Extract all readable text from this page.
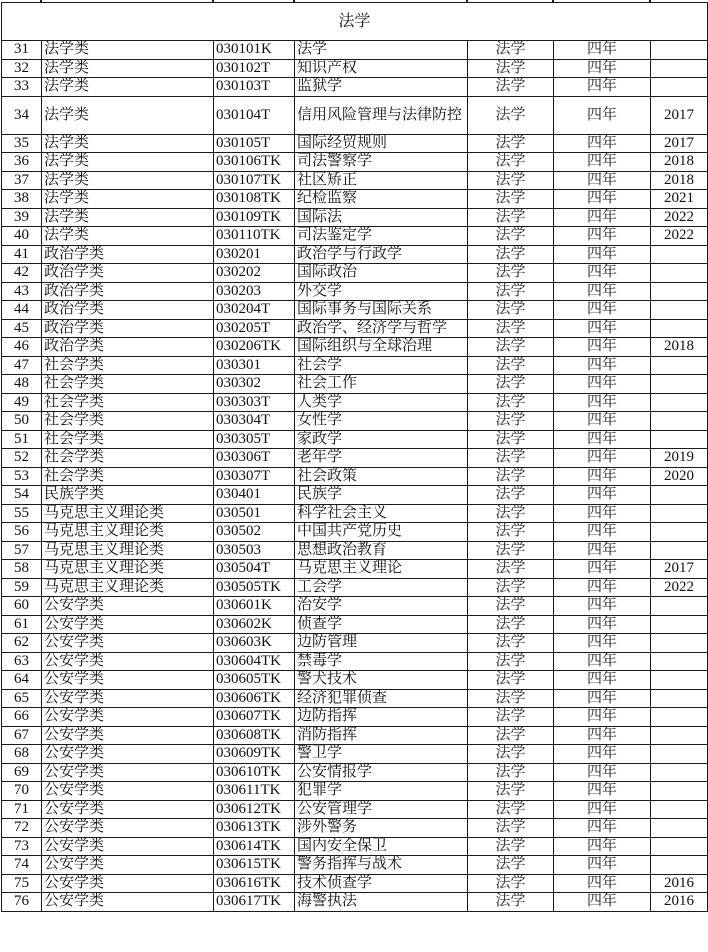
法学						
31	法学类	030101K	法学	法学	四年	
32	法学类	030102T	知识产权	法学	四年	
33	法学类	030103T	监狱学	法学	四年	
34	法学类	030104T	信用风险管理与法律防控	法学	四年	2017
35	法学类	030105T	国际经贸规则	法学	四年	2017
36	法学类	030106TK	司法警察学	法学	四年	2018
37	法学类	030107TK	社区矫正	法学	四年	2018
38	法学类	030108TK	纪检监察	法学	四年	2021
39	法学类	030109TK	国际法	法学	四年	2022
40	法学类	030110TK	司法鉴定学	法学	四年	2022
41	政治学类	030201	政治学与行政学	法学	四年	
42	政治学类	030202	国际政治	法学	四年	
43	政治学类	030203	外交学	法学	四年	
44	政治学类	030204T	国际事务与国际关系	法学	四年	
45	政治学类	030205T	政治学、经济学与哲学	法学	四年	
46	政治学类	030206TK	国际组织与全球治理	法学	四年	2018
47	社会学类	030301	社会学	法学	四年	
48	社会学类	030302	社会工作	法学	四年	
49	社会学类	030303T	人类学	法学	四年	
50	社会学类	030304T	女性学	法学	四年	
51	社会学类	030305T	家政学	法学	四年	
52	社会学类	030306T	老年学	法学	四年	2019
53	社会学类	030307T	社会政策	法学	四年	2020
54	民族学类	030401	民族学	法学	四年	
55	马克思主义理论类	030501	科学社会主义	法学	四年	
56	马克思主义理论类	030502	中国共产党历史	法学	四年	
57	马克思主义理论类	030503	思想政治教育	法学	四年	
58	马克思主义理论类	030504T	马克思主义理论	法学	四年	2017
59	马克思主义理论类	030505TK	工会学	法学	四年	2022
60	公安学类	030601K	治安学	法学	四年	
61	公安学类	030602K	侦查学	法学	四年	
62	公安学类	030603K	边防管理	法学	四年	
63	公安学类	030604TK	禁毒学	法学	四年	
64	公安学类	030605TK	警犬技术	法学	四年	
65	公安学类	030606TK	经济犯罪侦查	法学	四年	
66	公安学类	030607TK	边防指挥	法学	四年	
67	公安学类	030608TK	消防指挥	法学	四年	
68	公安学类	030609TK	警卫学	法学	四年	
69	公安学类	030610TK	公安情报学	法学	四年	
70	公安学类	030611TK	犯罪学	法学	四年	
71	公安学类	030612TK	公安管理学	法学	四年	
72	公安学类	030613TK	涉外警务	法学	四年	
73	公安学类	030614TK	国内安全保卫	法学	四年	
74	公安学类	030615TK	警务指挥与战术	法学	四年	
75	公安学类	030616TK	技术侦查学	法学	四年	2016
76	公安学类	030617TK	海警执法	法学	四年	2016
